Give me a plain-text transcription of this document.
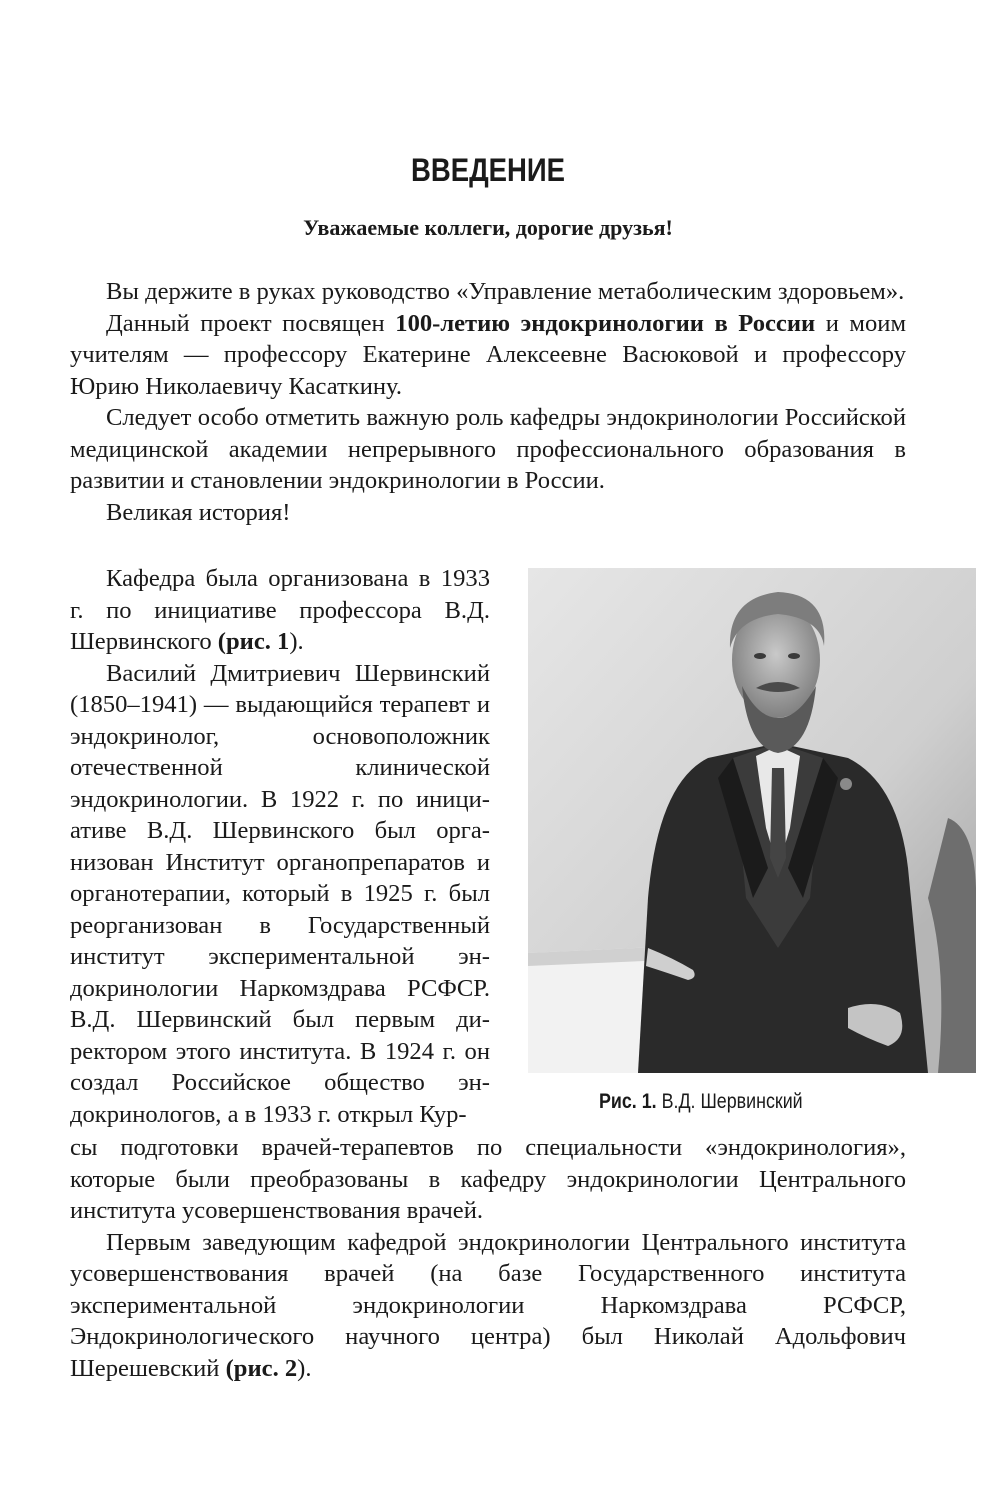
ВВЕДЕНИЕ

Уважаемые коллеги, дорогие друзья!

Вы держите в руках руководство «Управление метаболическим здоровьем».

Данный проект посвящен 100-летию эндокринологии в России и моим учителям — профессору Екатерине Алексеевне Васюковой и профессору Юрию Николаевичу Касаткину.

Следует особо отметить важную роль кафедры эндокринологии Российской медицинской академии непрерывного профессионального образования в развитии и становлении эндокринологии в России.

Великая история!

Кафедра была организована в 1933 г. по инициативе профессора В.Д. Шервинского (рис. 1).

Василий Дмитриевич Шервинский (1850–1941) — выдающийся терапевт и эндокринолог, основоположник отечественной клинической эндокринологии. В 1922 г. по инициативе В.Д. Шервинского был организован Институт органопрепаратов и органотерапии, который в 1925 г. был реорганизован в Государственный институт экспериментальной эндокринологии Наркомздрава РСФСР. В.Д. Шервинский был первым директором этого института. В 1924 г. он создал Российское общество эндокринологов, а в 1933 г. открыл Кур-

сы подготовки врачей-терапевтов по специальности «эндокринология», которые были преобразованы в кафедру эндокринологии Центрального института усовершенствования врачей.

Первым заведующим кафедрой эндокринологии Центрального института усовершенствования врачей (на базе Государственного института экспериментальной эндокринологии Наркомздрава РСФСР, Эндокринологического научного центра) был Николай Адольфович Шерешевский (рис. 2).

Рис. 1. В.Д. Шервинский
